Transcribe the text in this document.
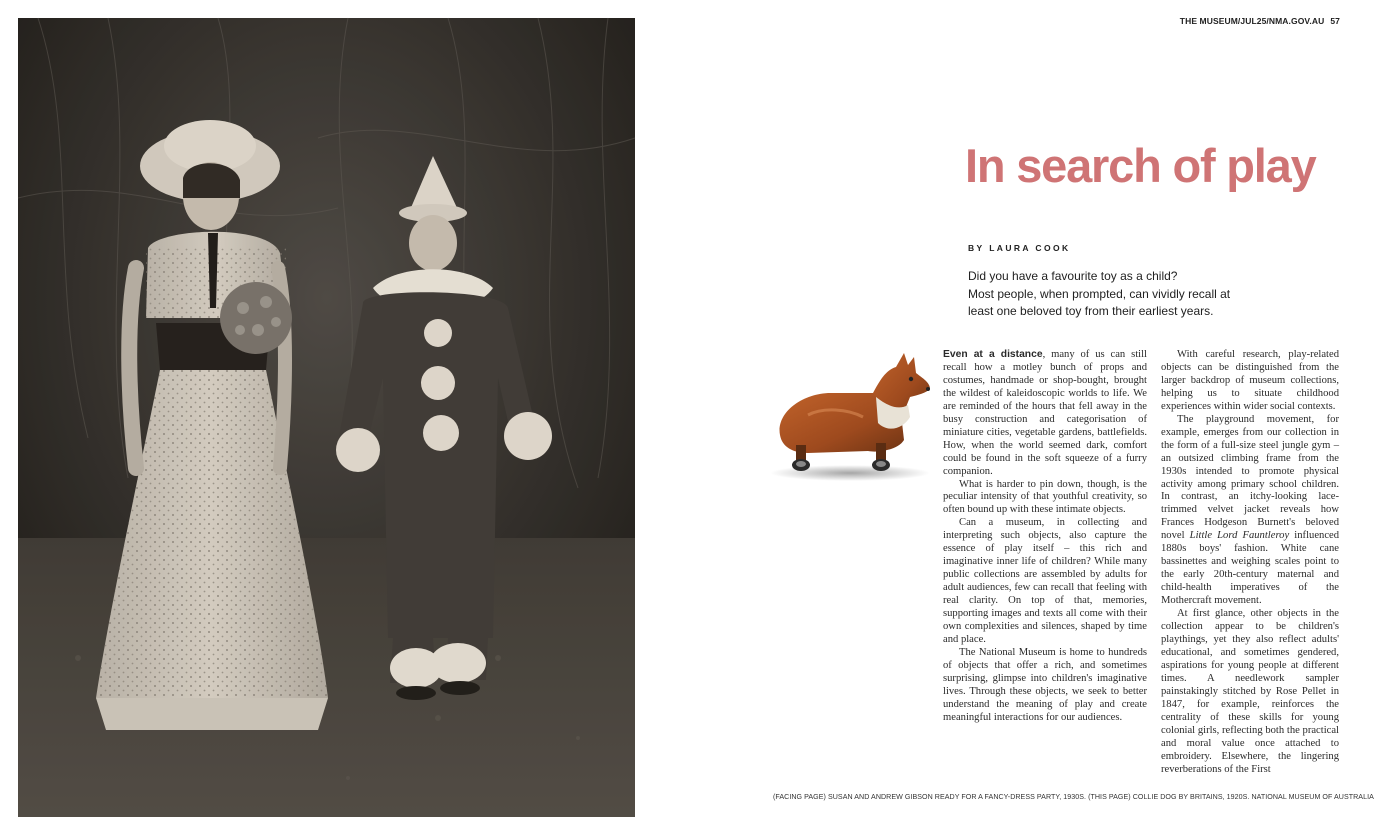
THE MUSEUM/JUL25/NMA.GOV.AU 57
In search of play
BY LAURA COOK
Did you have a favourite toy as a child?
Most people, when prompted, can vividly recall at
least one beloved toy from their earliest years.

Even at a distance, many of us can still recall how a motley bunch of props and costumes, handmade or shop-bought, brought the wildest of kaleidoscopic worlds to life. We are reminded of the hours that fell away in the busy construction and categorisation of miniature cities, vegetable gardens, battlefields. How, when the world seemed dark, comfort could be found in the soft squeeze of a furry companion.

What is harder to pin down, though, is the peculiar intensity of that youthful creativity, so often bound up with these intimate objects.

Can a museum, in collecting and interpreting such objects, also capture the essence of play itself – this rich and imaginative inner life of children? While many public collections are assembled by adults for adult audiences, few can recall that feeling with real clarity. On top of that, memories, supporting images and texts all come with their own complexities and silences, shaped by time and place.

The National Museum is home to hundreds of objects that offer a rich, and sometimes surprising, glimpse into children's imaginative lives. Through these objects, we seek to better understand the meaning of play and create meaningful interactions for our audiences.

With careful research, play-related objects can be distinguished from the larger backdrop of museum collections, helping us to situate childhood experiences within wider social contexts.

The playground movement, for example, emerges from our collection in the form of a full-size steel jungle gym – an outsized climbing frame from the 1930s intended to promote physical activity among primary school children. In contrast, an itchy-looking lace-trimmed velvet jacket reveals how Frances Hodgeson Burnett's beloved novel Little Lord Fauntleroy influenced 1880s boys' fashion. White cane bassinettes and weighing scales point to the early 20th-century maternal and child-health imperatives of the Mothercraft movement.

At first glance, other objects in the collection appear to be children's playthings, yet they also reflect adults' educational, and sometimes gendered, aspirations for young people at different times. A needlework sampler painstakingly stitched by Rose Pellet in 1847, for example, reinforces the centrality of these skills for young colonial girls, reflecting both the practical and moral value once attached to embroidery. Elsewhere, the lingering reverberations of the First

(FACING PAGE) SUSAN AND ANDREW GIBSON READY FOR A FANCY-DRESS PARTY, 1930S. (THIS PAGE) COLLIE DOG BY BRITAINS, 1920S. NATIONAL MUSEUM OF AUSTRALIA
